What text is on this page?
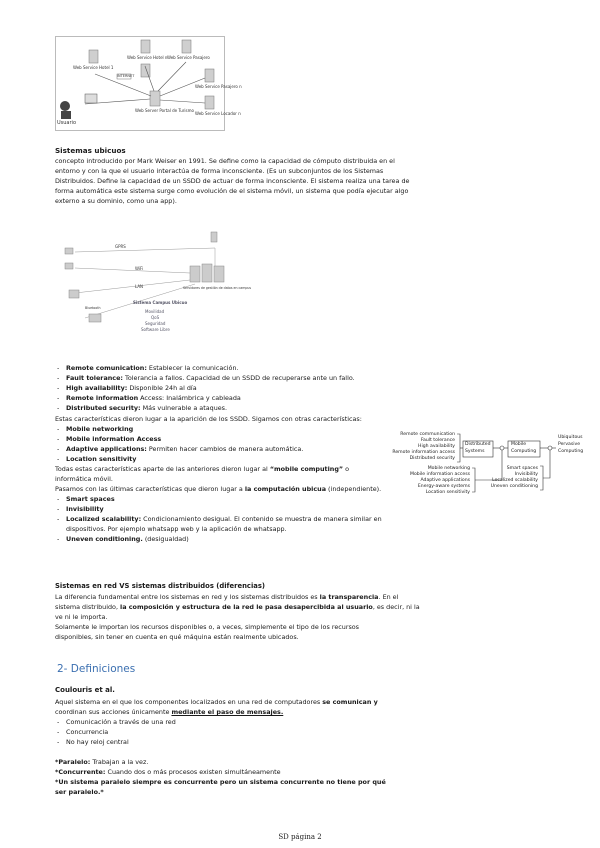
Web Service Hotel 1
Web Service Hotel n Web Service Pasajero
Web Service Pasajero n
Web Service Locador n
Web Server Portal de Turismo
Usuario
INTERNET
Sistemas ubicuos
concepto introducido por Mark Weiser en 1991. Se define como la capacidad de cómputo distribuida en el entorno y con la que el usuario interactúa de forma inconsciente. (Es un subconjuntos de los Sistemas Distribuidos. Define la capacidad de un SSDD de actuar de forma inconsciente. El sistema realiza una tarea de forma automática este sistema surge como evolución de el sistema móvil, un sistema que podía ejecutar algo externo a su dominio, como una app).
GPRS
WiFi
LAN	Servidores de gestión de datos en campus
Bluetooth
Sistema Campus Ubicuo
Movilidad
QoS
Seguridad
Software Libre
- Remote comunication: Establecer la comunicación.
- Fault tolerance: Tolerancia a fallos. Capacidad de un SSDD de recuperarse ante un fallo.
- High availability: Disponible 24h al día
- Remote information Access: Inalámbrica y cableada
- Distributed security: Más vulnerable a ataques.
Estas características dieron lugar a la aparición de los SSDD. Sigamos con otras características:
- Mobile networking
- Mobile information Access
- Adaptive applications: Permiten hacer cambios de manera automática.
- Location sensitivity
Todas estas características aparte de las anteriores dieron lugar al “mobile computing” o informática móvil.
Pasamos con las últimas características que dieron lugar a la computación ubicua (independiente).
- Smart spaces
- Invisibility
- Localized scalability: Condicionamiento desigual. El contenido se muestra de manera similar en dispositivos. Por ejemplo whatsapp web y la aplicación de whatsapp.
- Uneven conditioning. (desigualdad)
Remote communication
Fault tolerance
High availability
Remote information access
Distributed security
Distributed
Systems
Mobile
Computing
Ubiquitous
Pervasive
Computing
Mobile networking
Mobile information access
Adaptive applications
Energy-aware systems
Location sensitivity
Smart spaces
Invisibility
Localized scalability
Uneven conditioning
Sistemas en red VS sistemas distribuidos (diferencias)
La diferencia fundamental entre los sistemas en red y los sistemas distribuidos es la transparencia. En el
sistema distribuido, la composición y estructura de la red le pasa desapercibida al usuario, es decir, ni la
ve ni le importa.
Solamente le importan los recursos disponibles o, a veces, simplemente el tipo de los recursos
disponibles, sin tener en cuenta en qué máquina están realmente ubicados.
2- Definiciones
Coulouris et al.
Aquel sistema en el que los componentes localizados en una red de computadores se comunican y
coordinan sus acciones únicamente mediante el paso de mensajes.
- Comunicación a través de una red
- Concurrencia
- No hay reloj central
*Paralelo: Trabajan a la vez.
*Concurrente: Cuando dos o más procesos existen simultáneamente
*Un sistema paralelo siempre es concurrente pero un sistema concurrente no tiene por qué ser paralelo.*
SD página 2
